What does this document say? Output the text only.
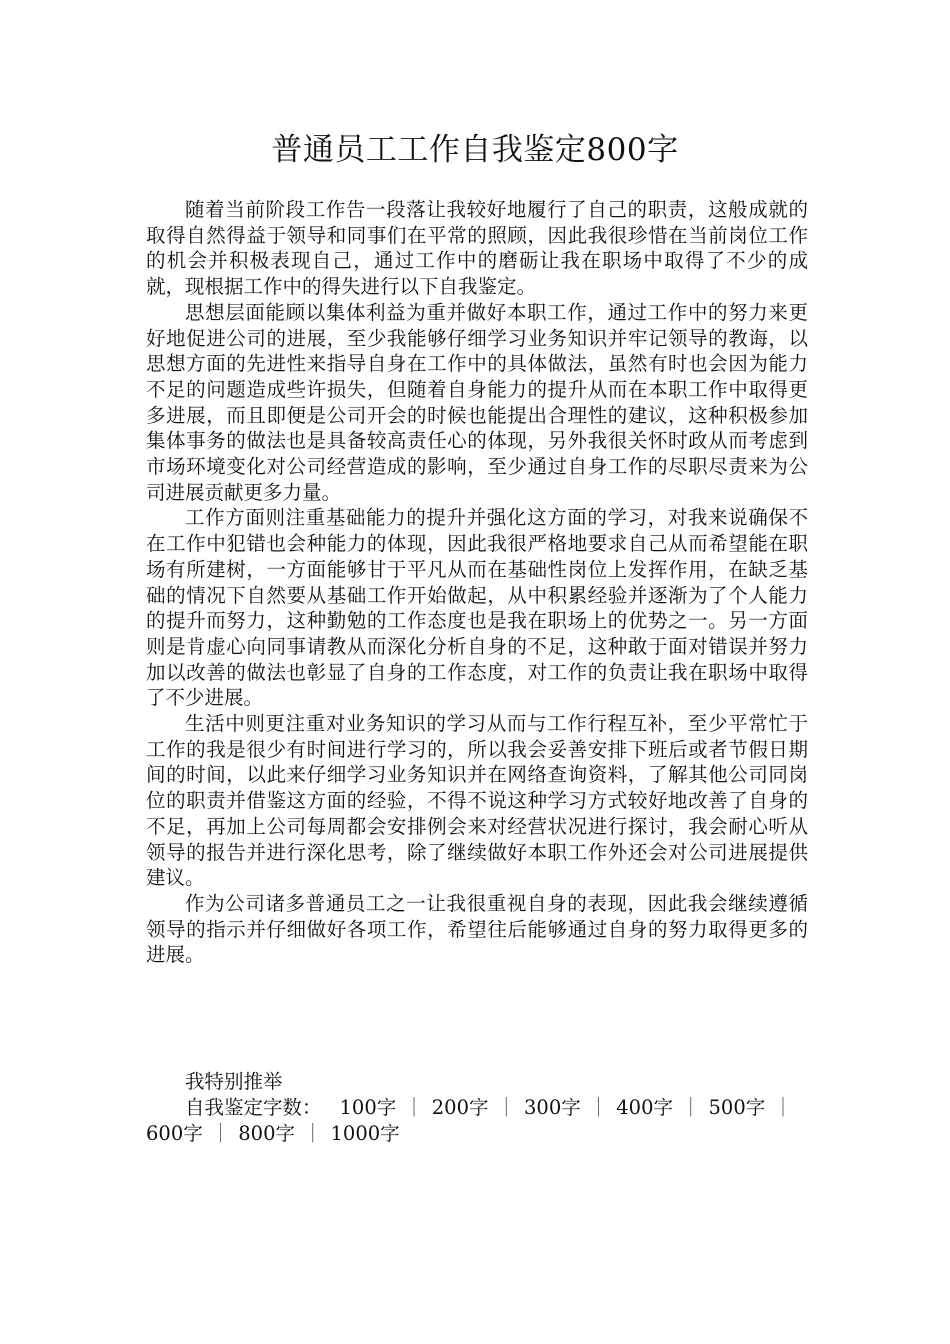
普通员工工作自我鉴定800字

随着当前阶段工作告一段落让我较好地履行了自己的职责，这般成就的取得自然得益于领导和同事们在平常的照顾，因此我很珍惜在当前岗位工作的机会并积极表现自己，通过工作中的磨砺让我在职场中取得了不少的成就，现根据工作中的得失进行以下自我鉴定。

思想层面能顾以集体利益为重并做好本职工作，通过工作中的努力来更好地促进公司的进展，至少我能够仔细学习业务知识并牢记领导的教诲，以思想方面的先进性来指导自身在工作中的具体做法，虽然有时也会因为能力不足的问题造成些许损失，但随着自身能力的提升从而在本职工作中取得更多进展，而且即便是公司开会的时候也能提出合理性的建议，这种积极参加集体事务的做法也是具备较高责任心的体现，另外我很关怀时政从而考虑到市场环境变化对公司经营造成的影响，至少通过自身工作的尽职尽责来为公司进展贡献更多力量。

工作方面则注重基础能力的提升并强化这方面的学习，对我来说确保不在工作中犯错也会种能力的体现，因此我很严格地要求自己从而希望能在职场有所建树，一方面能够甘于平凡从而在基础性岗位上发挥作用，在缺乏基础的情况下自然要从基础工作开始做起，从中积累经验并逐渐为了个人能力的提升而努力，这种勤勉的工作态度也是我在职场上的优势之一。另一方面则是肯虚心向同事请教从而深化分析自身的不足，这种敢于面对错误并努力加以改善的做法也彰显了自身的工作态度，对工作的负责让我在职场中取得了不少进展。

生活中则更注重对业务知识的学习从而与工作行程互补，至少平常忙于工作的我是很少有时间进行学习的，所以我会妥善安排下班后或者节假日期间的时间，以此来仔细学习业务知识并在网络查询资料，了解其他公司同岗位的职责并借鉴这方面的经验，不得不说这种学习方式较好地改善了自身的不足，再加上公司每周都会安排例会来对经营状况进行探讨，我会耐心听从领导的报告并进行深化思考，除了继续做好本职工作外还会对公司进展提供建议。

作为公司诸多普通员工之一让我很重视自身的表现，因此我会继续遵循领导的指示并仔细做好各项工作，希望往后能够通过自身的努力取得更多的进展。

我特别推举

自我鉴定字数： 100字 ｜ 200字 ｜ 300字 ｜ 400字 ｜ 500字 ｜600字 ｜ 800字 ｜ 1000字
